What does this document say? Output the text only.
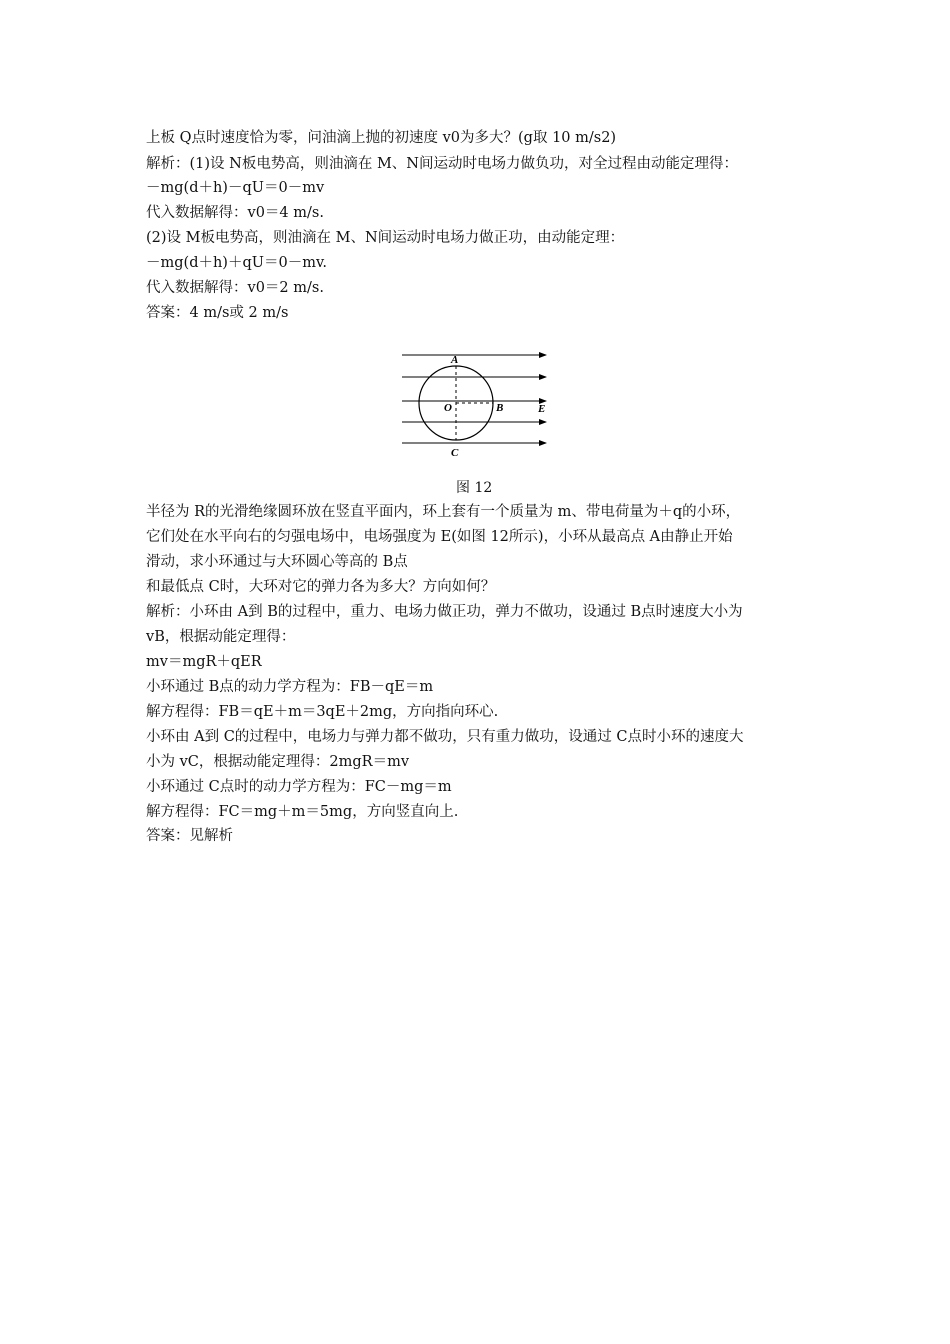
上板 Q点时速度恰为零，问油滴上抛的初速度 v0为多大？(g取 10 m/s2)
解析：(1)设 N板电势高，则油滴在 M、N间运动时电场力做负功，对全过程由动能定理得：
－mg(d＋h)－qU＝0－mv
代入数据解得：v0＝4 m/s.
(2)设 M板电势高，则油滴在 M、N间运动时电场力做正功，由动能定理：
－mg(d＋h)＋qU＝0－mv.
代入数据解得：v0＝2 m/s.
答案：4 m/s或 2 m/s
A
O	B	E
C
图 12
半径为 R的光滑绝缘圆环放在竖直平面内，环上套有一个质量为 m、带电荷量为＋q的小环，
它们处在水平向右的匀强电场中，电场强度为 E(如图 12所示)，小环从最高点 A由静止开始
滑动，求小环通过与大环圆心等高的 B点
和最低点 C时，大环对它的弹力各为多大？方向如何？
解析：小环由 A到 B的过程中，重力、电场力做正功，弹力不做功，设通过 B点时速度大小为
vB，根据动能定理得：
mv＝mgR＋qER
小环通过 B点的动力学方程为：FB－qE＝m
解方程得：FB＝qE＋m＝3qE＋2mg，方向指向环心.
小环由 A到 C的过程中，电场力与弹力都不做功，只有重力做功，设通过 C点时小环的速度大
小为 vC，根据动能定理得：2mgR＝mv
小环通过 C点时的动力学方程为：FC－mg＝m
解方程得：FC＝mg＋m＝5mg，方向竖直向上.
答案：见解析
